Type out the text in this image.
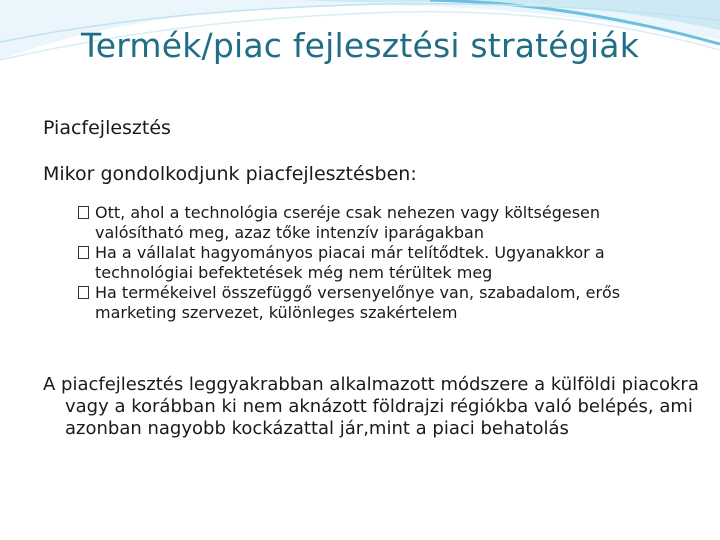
Termék/piac fejlesztési stratégiák
Piacfejlesztés
Mikor gondolkodjunk piacfejlesztésben:

Ott, ahol a technológia cseréje csak nehezen vagy költségesen valósítható meg, azaz tőke intenzív iparágakban

Ha a vállalat hagyományos piacai már telítődtek. Ugyanakkor a technológiai befektetések még nem térültek meg

Ha termékeivel összefüggő versenyelőnye van, szabadalom, erős marketing szervezet, különleges szakértelem

A piacfejlesztés leggyakrabban alkalmazott módszere a külföldi piacokra vagy a korábban ki nem aknázott földrajzi régiókba való belépés, ami azonban nagyobb kockázattal jár,mint a piaci behatolás
